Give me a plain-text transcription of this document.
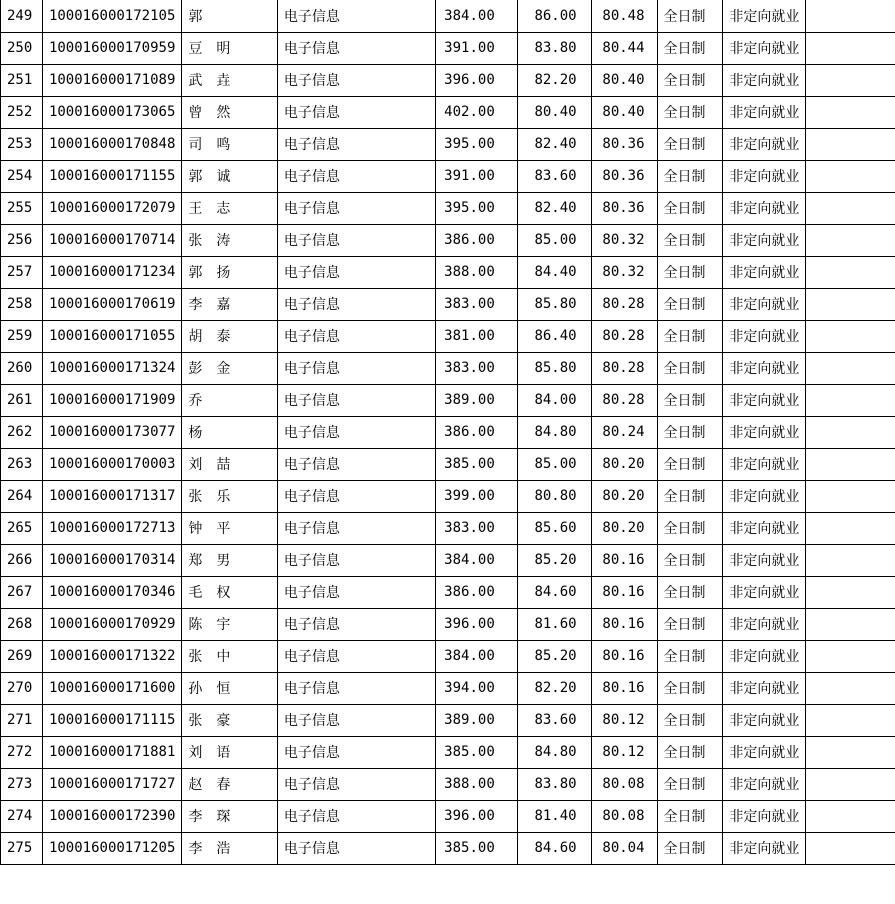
249	100016000172105	郭　	电子信息	384.00	86.00	80.48	全日制	非定向就业	
250	100016000170959	豆　 明	电子信息	391.00	83.80	80.44	全日制	非定向就业	
251	100016000171089	武　 垚	电子信息	396.00	82.20	80.40	全日制	非定向就业	
252	100016000173065	曾　 然	电子信息	402.00	80.40	80.40	全日制	非定向就业	
253	100016000170848	司　 鸣	电子信息	395.00	82.40	80.36	全日制	非定向就业	
254	100016000171155	郭　 诚	电子信息	391.00	83.60	80.36	全日制	非定向就业	
255	100016000172079	王　 志	电子信息	395.00	82.40	80.36	全日制	非定向就业	
256	100016000170714	张　 涛	电子信息	386.00	85.00	80.32	全日制	非定向就业	
257	100016000171234	郭　 扬	电子信息	388.00	84.40	80.32	全日制	非定向就业	
258	100016000170619	李　 嘉	电子信息	383.00	85.80	80.28	全日制	非定向就业	
259	100016000171055	胡　 泰	电子信息	381.00	86.40	80.28	全日制	非定向就业	
260	100016000171324	彭　 金	电子信息	383.00	85.80	80.28	全日制	非定向就业	
261	100016000171909	乔　	电子信息	389.00	84.00	80.28	全日制	非定向就业	
262	100016000173077	杨　	电子信息	386.00	84.80	80.24	全日制	非定向就业	
263	100016000170003	刘　 喆	电子信息	385.00	85.00	80.20	全日制	非定向就业	
264	100016000171317	张　 乐	电子信息	399.00	80.80	80.20	全日制	非定向就业	
265	100016000172713	钟　 平	电子信息	383.00	85.60	80.20	全日制	非定向就业	
266	100016000170314	郑　 男	电子信息	384.00	85.20	80.16	全日制	非定向就业	
267	100016000170346	毛　 权	电子信息	386.00	84.60	80.16	全日制	非定向就业	
268	100016000170929	陈　 宇	电子信息	396.00	81.60	80.16	全日制	非定向就业	
269	100016000171322	张　 中	电子信息	384.00	85.20	80.16	全日制	非定向就业	
270	100016000171600	孙　 恒	电子信息	394.00	82.20	80.16	全日制	非定向就业	
271	100016000171115	张　 豪	电子信息	389.00	83.60	80.12	全日制	非定向就业	
272	100016000171881	刘　 语	电子信息	385.00	84.80	80.12	全日制	非定向就业	
273	100016000171727	赵　 春	电子信息	388.00	83.80	80.08	全日制	非定向就业	
274	100016000172390	李　 琛	电子信息	396.00	81.40	80.08	全日制	非定向就业	
275	100016000171205	李　 浩	电子信息	385.00	84.60	80.04	全日制	非定向就业	
